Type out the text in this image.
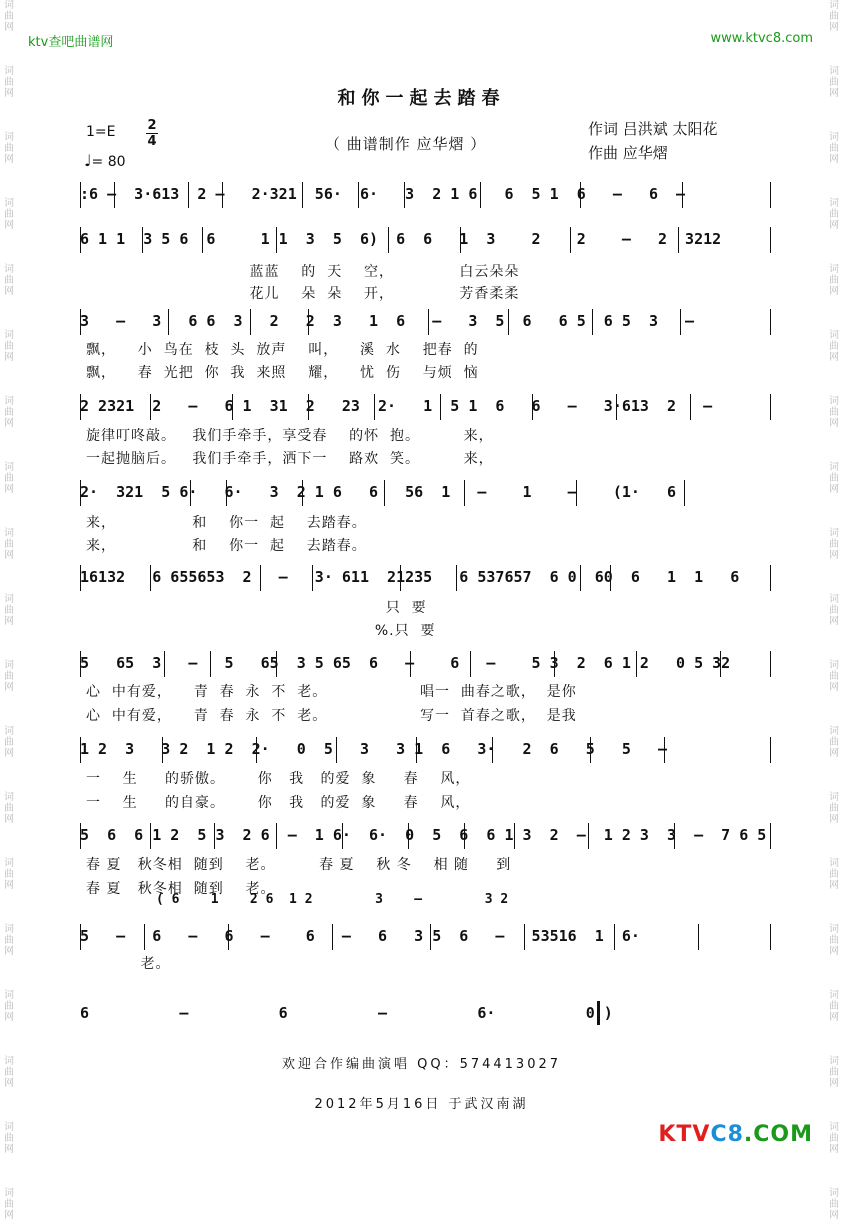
词
曲
网
词
曲
网
词
曲
网
词
曲
网
词
曲
网
词
曲
网
词
曲
网
词
曲
网
词
曲
网
词
曲
网
词
曲
网
词
曲
网
词
曲
网
词
曲
网
词
曲
网
词
曲
网
词
曲
网
词
曲
网
词
曲
网
词
曲
网
词
曲
网
词
曲
网
词
曲
网
词
曲
网
词
曲
网
词
曲
网
词
曲
网
词
曲
网
词
曲
网
词
曲
网
词
曲
网
词
曲
网
词
曲
网
词
曲
网
词
曲
网
词
曲
网
词
曲
网
词
曲
网
ktv查吧曲谱网	www.ktvc8.com
和你一起去踏春
1=E 2
4
♩= 80
（ 曲谱制作 应华熠 ）
作词 吕洪斌 太阳花
作曲 应华熠
:6 –  3·613  2 –   2·321  56·  6·   3  2 1 6   6  5 1  6   –   6  –
6 1 1  3 5 6  6     1 1  3  5  6)  6  6   1  3    2    2    –   2  3212
3   –   3   6 6  3   2   2  3   1  6   –   3  5  6   6 5  6 5  3   –
2 2321  2   –   6 1  31  2   23  2·   1  5 1  6   6   –   3·613  2   –
2·  321  5 6·   6·   3  2 1 6   6   56  1   –    1    –    (1·   6
16132   6 655653  2   –   3· 611  21235   6 537657  6 0  60  6   1  1   6
5   65  3   –   5   65  3 5 65  6   –    6   –    5 3  2  6 1 2   0 5 32
1 2  3   3 2  1 2  2·   0  5   3   3 1  6   3·   2  6   5   5   –
5  6  6 1 2  5 3  2 6  –  1 6·  6·  0  5  6  6 1 3  2  –  1 2 3  3  –  7 6 5
5   –   6   –   6   –    6   –   6   3 5  6   –   53516  1  6·
6          –          6          –          6·          0 )
蓝蓝    的  天    空，            白云朵朵
花儿    朵  朵    开，            芳香柔柔
飘，    小  鸟在  枝  头  放声    叫，    溪  水    把春  的
飘，    春  光把  你  我  来照    耀，    忧  伤    与烦  恼
旋律叮咚敲。   我们手牵手，享受春    的怀  抱。        来，
一起抛脑后。   我们手牵手，洒下一    路欢  笑。        来，
来，              和    你一  起    去踏春。
来，              和    你一  起    去踏春。
只  要
%.只  要
心  中有爱，    青  春  永  不  老。                 唱一  曲春之歌，  是你
心  中有爱，    青  春  永  不  老。                 写一  首春之歌，  是我
一    生     的骄傲。      你   我   的爱  象     春    风，
一    生     的自豪。      你   我   的爱  象     春    风，
春 夏   秋冬相  随到    老。        春 夏    秋 冬    相 随     到
春 夏   秋冬相  随到    老。
老。
( 6    1    2 6  1 2        3    –        3 2
欢迎合作编曲演唱 QQ：574413027
2012年5月16日 于武汉南湖
KTVC8.COM
